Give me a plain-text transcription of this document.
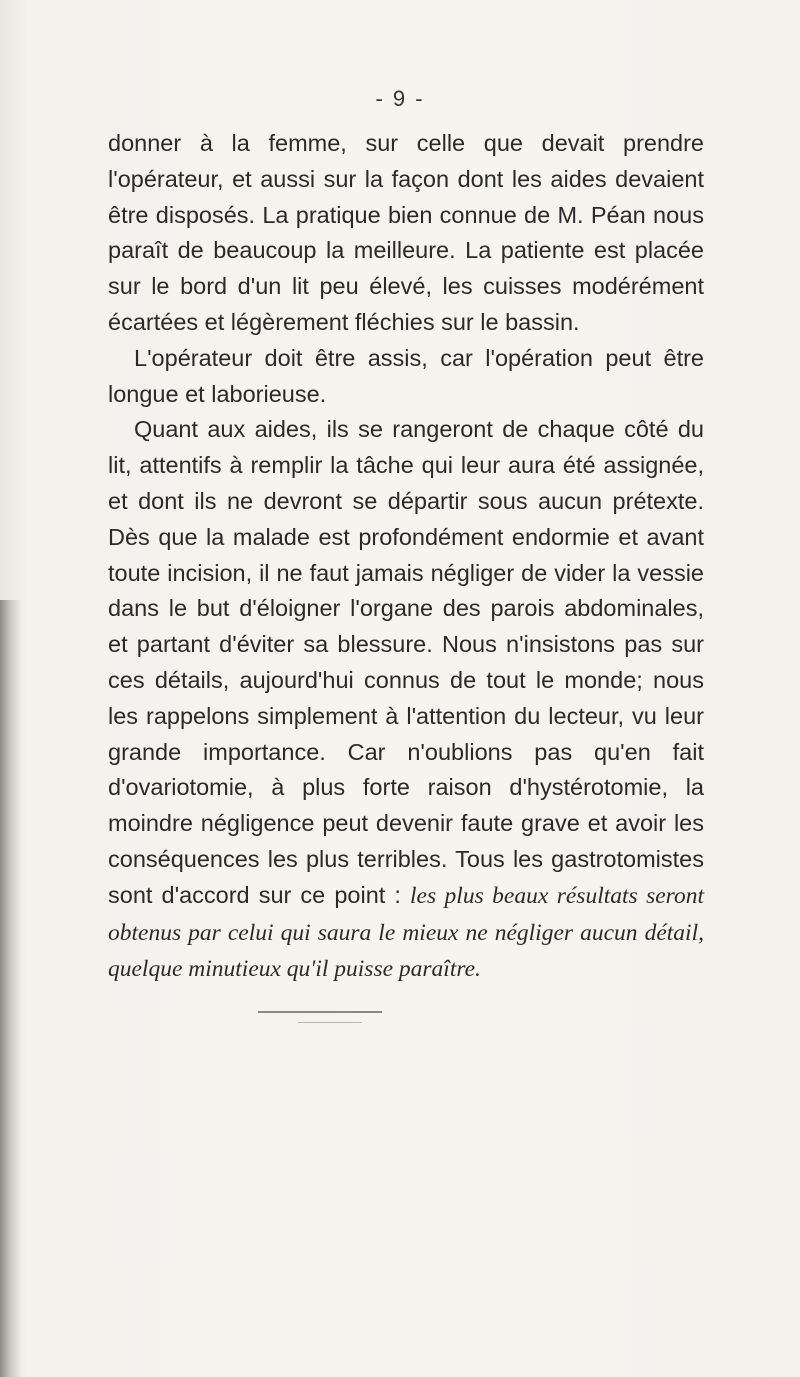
- 9 -

donner à la femme, sur celle que devait prendre l'opérateur, et aussi sur la façon dont les aides devaient être disposés. La pratique bien connue de M. Péan nous paraît de beaucoup la meilleure. La patiente est placée sur le bord d'un lit peu élevé, les cuisses modérément écartées et légèrement fléchies sur le bassin.

L'opérateur doit être assis, car l'opération peut être longue et laborieuse.

Quant aux aides, ils se rangeront de chaque côté du lit, attentifs à remplir la tâche qui leur aura été assignée, et dont ils ne devront se départir sous aucun prétexte. Dès que la malade est profondément endormie et avant toute incision, il ne faut jamais négliger de vider la vessie dans le but d'éloigner l'organe des parois abdominales, et partant d'éviter sa blessure. Nous n'insistons pas sur ces détails, aujourd'hui connus de tout le monde; nous les rappelons simplement à l'attention du lecteur, vu leur grande importance. Car n'oublions pas qu'en fait d'ovariotomie, à plus forte raison d'hystérotomie, la moindre négligence peut devenir faute grave et avoir les conséquences les plus terribles. Tous les gastrotomistes sont d'accord sur ce point : les plus beaux résultats seront obtenus par celui qui saura le mieux ne négliger aucun détail, quelque minutieux qu'il puisse paraître.
